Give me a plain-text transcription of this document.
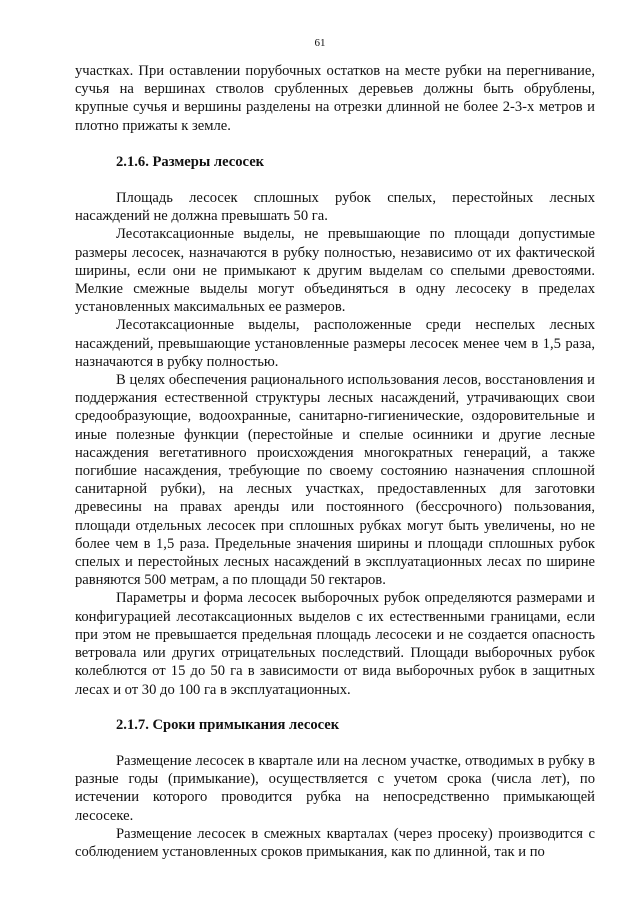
61

участках. При оставлении порубочных остатков на месте рубки на перегнивание, сучья на вершинах стволов срубленных деревьев должны быть обрублены, крупные сучья и вершины разделены на отрезки длинной не более 2-3-х метров и плотно прижаты к земле.

2.1.6. Размеры лесосек

Площадь лесосек сплошных рубок спелых, перестойных лесных насаждений не должна превышать 50 га.

Лесотаксационные выделы, не превышающие по площади допустимые размеры лесосек, назначаются в рубку полностью, независимо от их фактической ширины, если они не примыкают к другим выделам со спелыми древостоями. Мелкие смежные выделы могут объединяться в одну лесосеку в пределах установленных максимальных ее размеров.

Лесотаксационные выделы, расположенные среди неспелых лесных насаждений, превышающие установленные размеры лесосек менее чем в 1,5 раза, назначаются в рубку полностью.

В целях обеспечения рационального использования лесов, восстановления и поддержания естественной структуры лесных насаждений, утрачивающих свои средообразующие, водоохранные, санитарно-гигиенические, оздоровительные и иные полезные функции (перестойные и спелые осинники и другие лесные насаждения вегетативного происхождения многократных генераций, а также погибшие насаждения, требующие по своему состоянию назначения сплошной санитарной рубки), на лесных участках, предоставленных для заготовки древесины на правах аренды или постоянного (бессрочного) пользования, площади отдельных лесосек при сплошных рубках могут быть увеличены, но не более чем в 1,5 раза. Предельные значения ширины и площади сплошных рубок спелых и перестойных лесных насаждений в эксплуатационных лесах по ширине равняются 500 метрам, а по площади 50 гектаров.

Параметры и форма лесосек выборочных рубок определяются размерами и конфигурацией лесотаксационных выделов с их естественными границами, если при этом не превышается предельная площадь лесосеки и не создается опасность ветровала или других отрицательных последствий. Площади выборочных рубок колеблются от 15 до 50 га в зависимости от вида выборочных рубок в защитных лесах и от 30 до 100 га в эксплуатационных.

2.1.7. Сроки примыкания лесосек

Размещение лесосек в квартале или на лесном участке, отводимых в рубку в разные годы (примыкание), осуществляется с учетом срока (числа лет), по истечении которого проводится рубка на непосредственно примыкающей лесосеке.

Размещение лесосек в смежных кварталах (через просеку) производится с соблюдением установленных сроков примыкания, как по длинной, так и по
